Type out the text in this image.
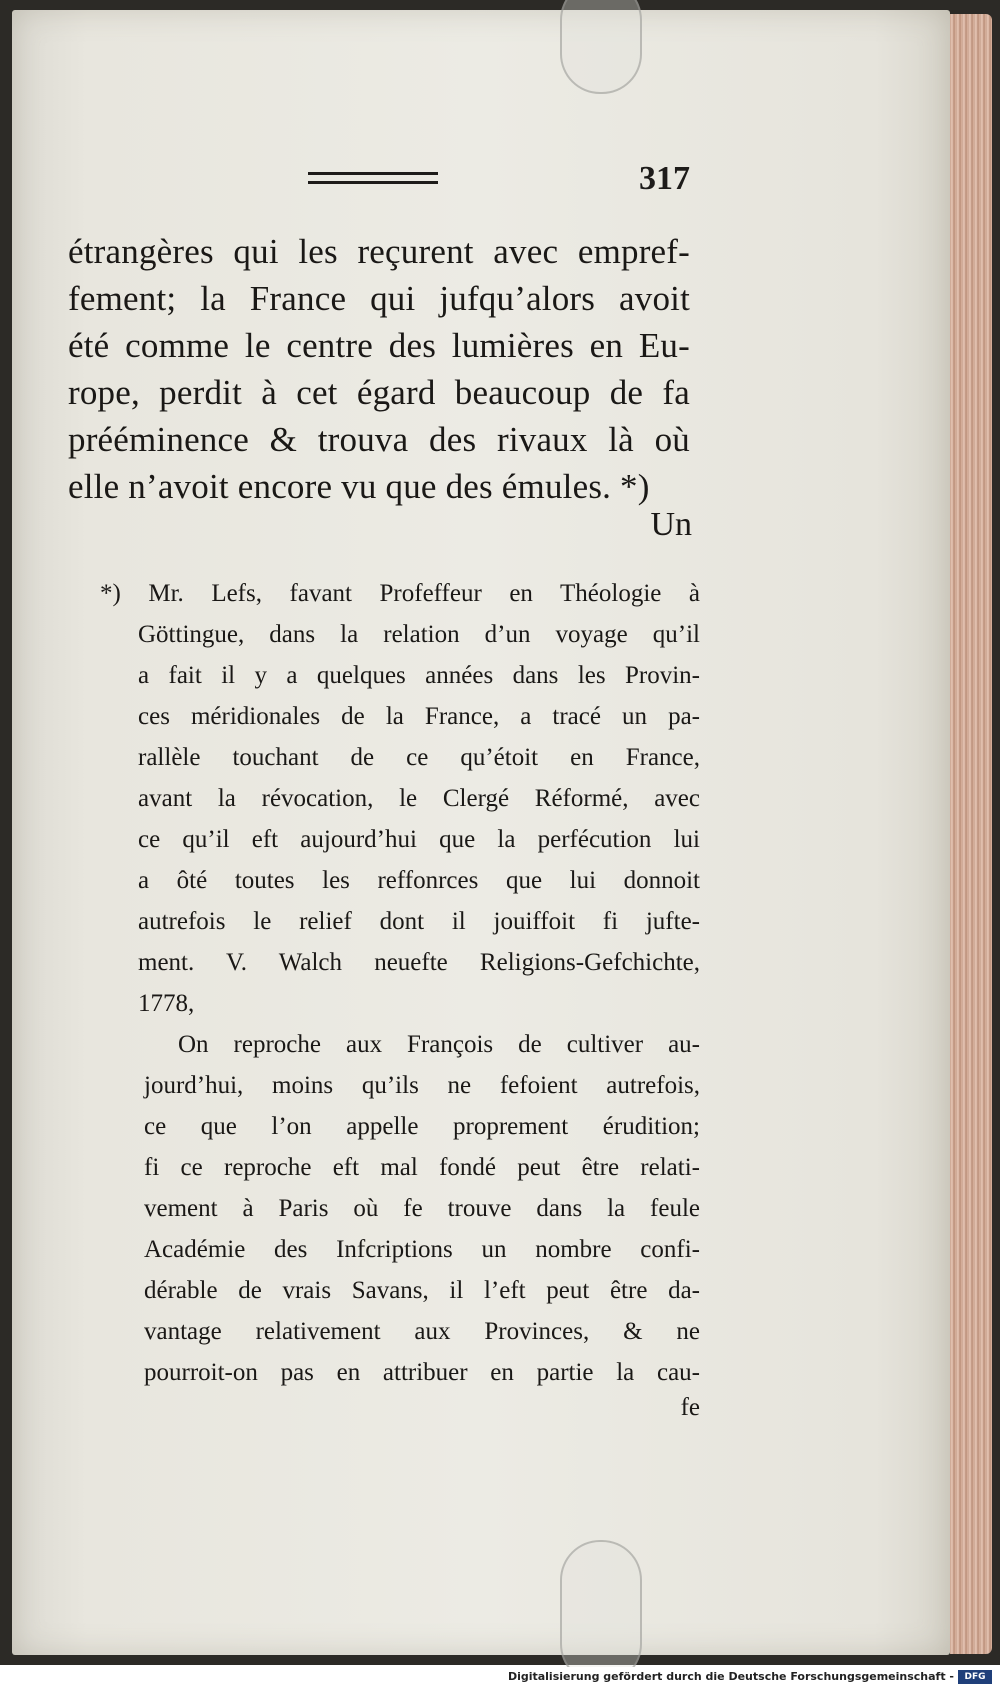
317
étrangères qui les reçurent avec empref-
fement; la France qui jufqu’alors avoit
été comme le centre des lumières en Eu-
rope, perdit à cet égard beaucoup de fa
prééminence & trouva des rivaux là où
elle n’avoit encore vu que des émules. *)
Un
*) Mr. Lefs, favant Profeffeur en Théologie à
Göttingue, dans la relation d’un voyage qu’il
a fait il y a quelques années dans les Provin-
ces méridionales de la France, a tracé un pa-
rallèle touchant de ce qu’étoit en France,
avant la révocation, le Clergé Réformé, avec
ce qu’il eft aujourd’hui que la perfécution lui
a ôté toutes les reffonrces que lui donnoit
autrefois le relief dont il jouiffoit fi jufte-
ment. V. Walch neuefte Religions-Gefchichte,
1778,
On reproche aux François de cultiver au-
jourd’hui, moins qu’ils ne fefoient autrefois,
ce que l’on appelle proprement érudition;
fi ce reproche eft mal fondé peut être relati-
vement à Paris où fe trouve dans la feule
Académie des Infcriptions un nombre confi-
dérable de vrais Savans, il l’eft peut être da-
vantage relativement aux Provinces, & ne
pourroit-on pas en attribuer en partie la cau-
fe
Digitalisierung gefördert durch die Deutsche Forschungsgemeinschaft -	DFG
